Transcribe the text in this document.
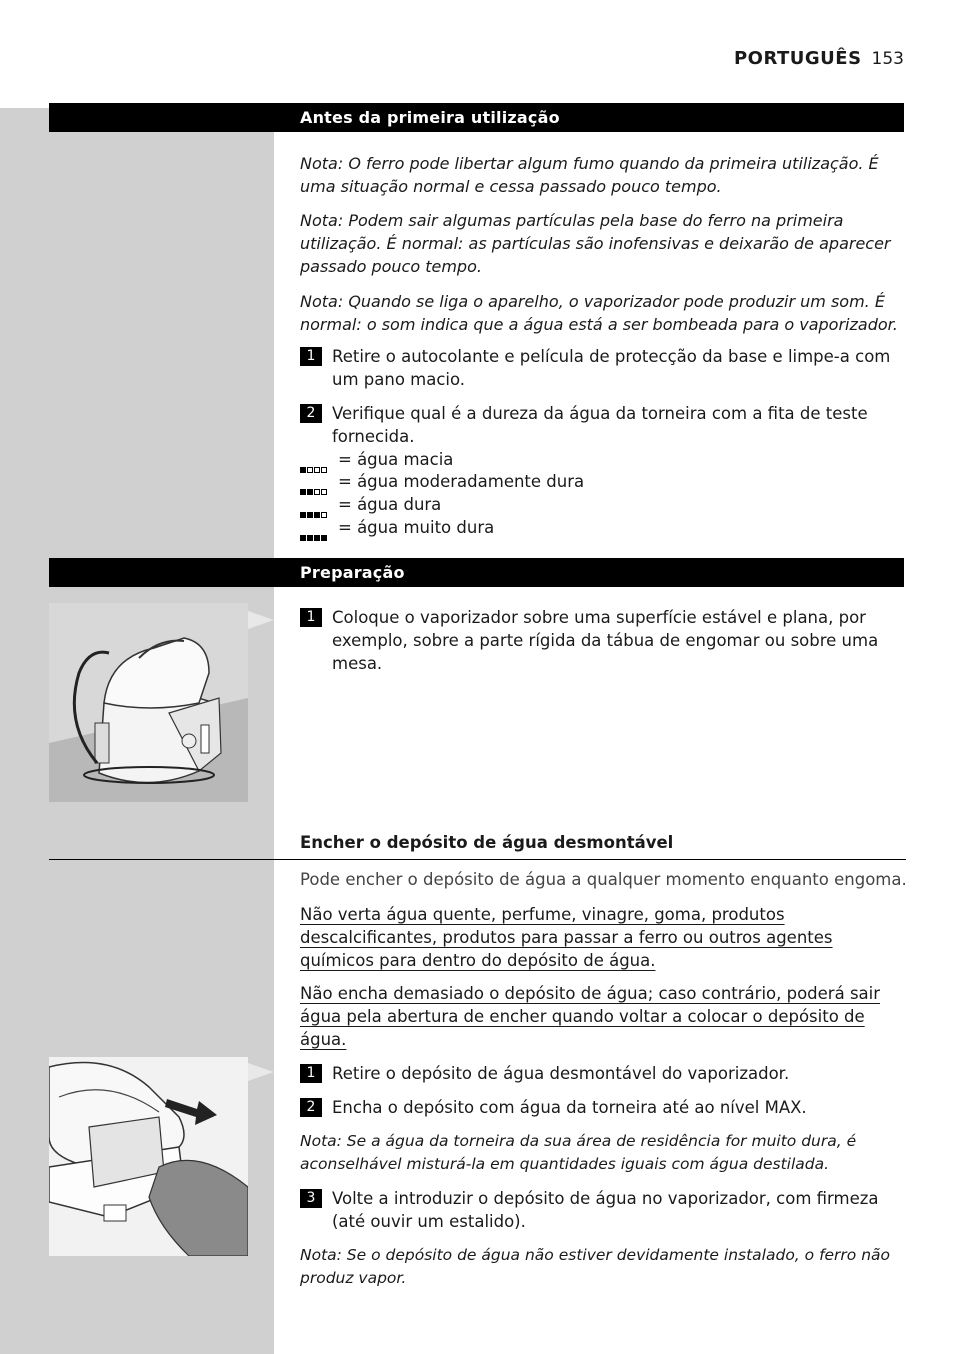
PORTUGUÊS 153
Antes da primeira utilização
Nota: O ferro pode libertar algum fumo quando da primeira utilização. É uma situação normal e cessa passado pouco tempo.
Nota: Podem sair algumas partículas pela base do ferro na primeira utilização. É normal: as partículas são inofensivas e deixarão de aparecer passado pouco tempo.
Nota: Quando se liga o aparelho, o vaporizador pode produzir um som. É normal: o som indica que a água está a ser bombeada para o vaporizador.
1	Retire o autocolante e película de protecção da base e limpe-a com um pano macio.
2	Verifique qual é a dureza da água da torneira com a fita de teste fornecida.
= água macia
= água moderadamente dura
= água dura
= água muito dura
Preparação
1	Coloque o vaporizador sobre uma superfície estável e plana, por exemplo, sobre a parte rígida da tábua de engomar ou sobre uma mesa.
Encher o depósito de água desmontável
Pode encher o depósito de água a qualquer momento enquanto engoma.
Não verta água quente, perfume, vinagre, goma, produtos descalcificantes, produtos para passar a ferro ou outros agentes químicos para dentro do depósito de água.
Não encha demasiado o depósito de água; caso contrário, poderá sair água pela abertura de encher quando voltar a colocar o depósito de água.
1	Retire o depósito de água desmontável do vaporizador.
2	Encha o depósito com água da torneira até ao nível MAX.
Nota: Se a água da torneira da sua área de residência for muito dura, é aconselhável misturá-la em quantidades iguais com água destilada.
3	Volte a introduzir o depósito de água no vaporizador, com firmeza (até ouvir um estalido).
Nota: Se o depósito de água não estiver devidamente instalado, o ferro não produz vapor.
